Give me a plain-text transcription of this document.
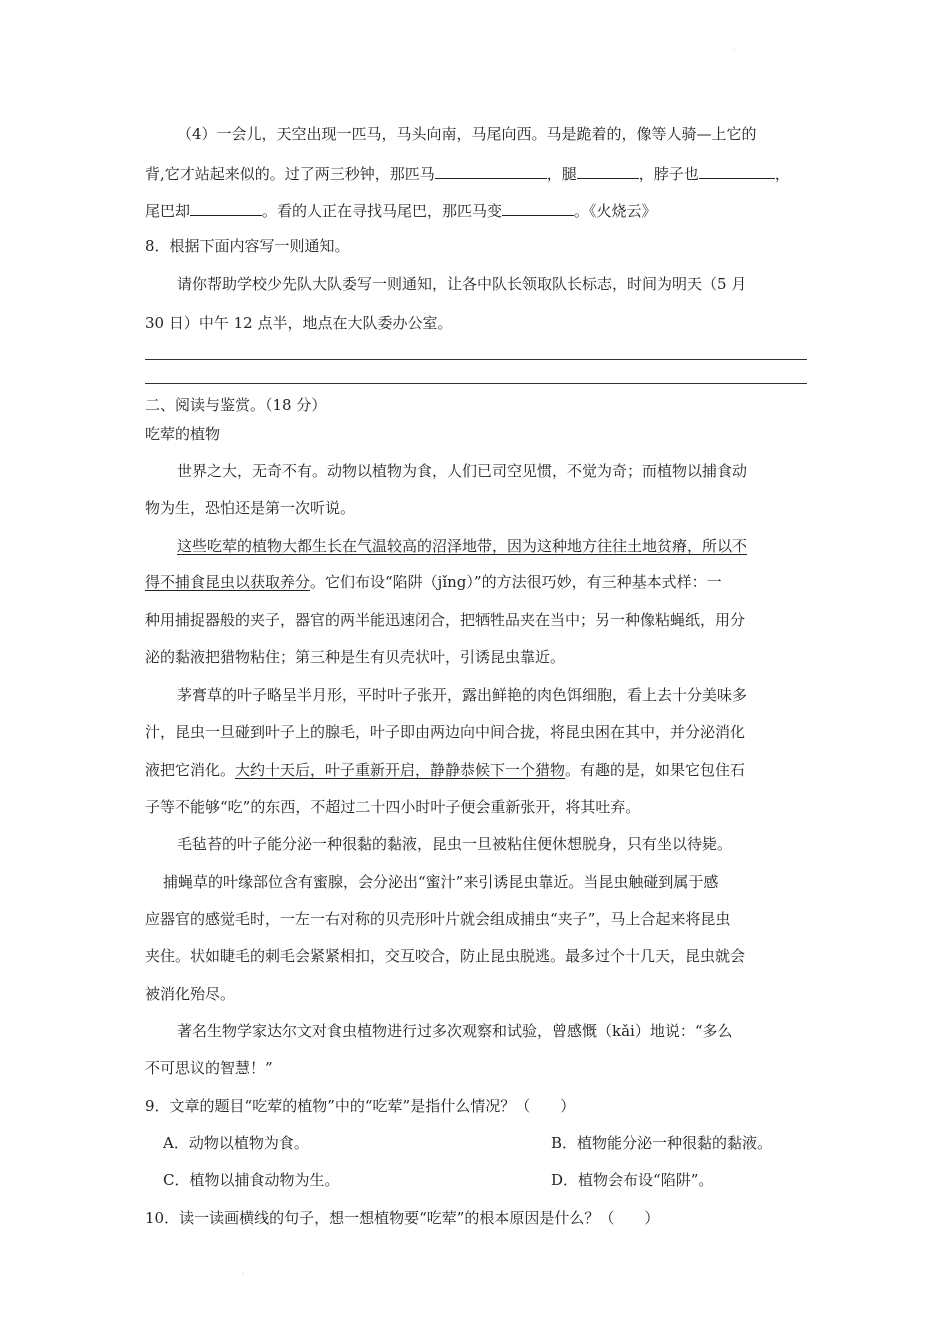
.
（4）一会儿，天空出现一匹马，马头向南，马尾向西。马是跪着的，像等人骑—上它的
背,它才站起来似的。过了两三秒钟，那匹马	，腿	，脖子也	，
尾巴却	。看的人正在寻找马尾巴，那匹马变	。《火烧云》
8．根据下面内容写一则通知。
请你帮助学校少先队大队委写一则通知，让各中队长领取队长标志，时间为明天（5 月
30 日）中午 12 点半，地点在大队委办公室。
二、阅读与鉴赏。（18 分）
吃荤的植物
世界之大，无奇不有。动物以植物为食，人们已司空见惯，不觉为奇；而植物以捕食动
物为生，恐怕还是第一次听说。
这些吃荤的植物大都生长在气温较高的沼泽地带，因为这种地方往往土地贫瘠，所以不
得不捕食昆虫以获取养分。它们布设“陷阱（jǐng）”的方法很巧妙，有三种基本式样：一
种用捕捉器般的夹子，器官的两半能迅速闭合，把牺牲品夹在当中；另一种像粘蝇纸，用分
泌的黏液把猎物粘住；第三种是生有贝壳状叶，引诱昆虫靠近。
茅膏草的叶子略呈半月形，平时叶子张开，露出鲜艳的肉色饵细胞，看上去十分美味多
汁，昆虫一旦碰到叶子上的腺毛，叶子即由两边向中间合拢，将昆虫困在其中，并分泌消化
液把它消化。大约十天后，叶子重新开启，静静恭候下一个猎物。有趣的是，如果它包住石
子等不能够“吃”的东西，不超过二十四小时叶子便会重新张开，将其吐弃。
毛毡苔的叶子能分泌一种很黏的黏液，昆虫一旦被粘住便休想脱身，只有坐以待毙。
捕蝇草的叶缘部位含有蜜腺，会分泌出“蜜汁”来引诱昆虫靠近。当昆虫触碰到属于感
应器官的感觉毛时，一左一右对称的贝壳形叶片就会组成捕虫“夹子”，马上合起来将昆虫
夹住。状如睫毛的刺毛会紧紧相扣，交互咬合，防止昆虫脱逃。最多过个十几天，昆虫就会
被消化殆尽。
著名生物学家达尔文对食虫植物进行过多次观察和试验，曾感慨（kǎi）地说：“多么
不可思议的智慧！”
9．文章的题目“吃荤的植物”中的“吃荤”是指什么情况？（　　）
A．动物以植物为食。	B．植物能分泌一种很黏的黏液。
C．植物以捕食动物为生。	D．植物会布设“陷阱”。
10．读一读画横线的句子，想一想植物要“吃荤”的根本原因是什么？（　　）
.
